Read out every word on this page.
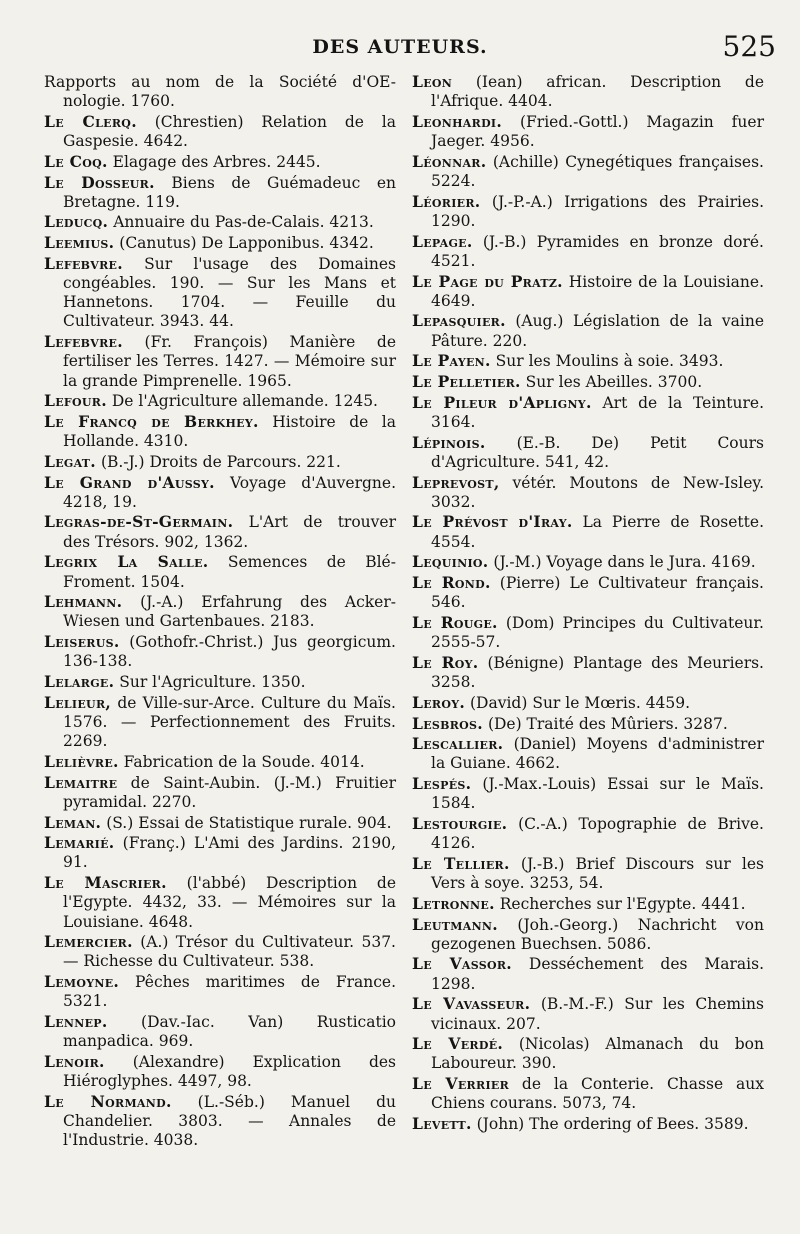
DES AUTEURS.	525
Rapports au nom de la Société d'OE-nologie. 1760.
Le Clerq. (Chrestien) Relation de la Gaspesie. 4642.
Le Coq. Elagage des Arbres. 2445.
Le Dosseur. Biens de Guémadeuc en Bretagne. 119.
Leducq. Annuaire du Pas-de-Calais. 4213.
Leemius. (Canutus) De Lapponibus. 4342.
Lefebvre. Sur l'usage des Domaines congéables. 190. — Sur les Mans et Hannetons. 1704. — Feuille du Cultivateur. 3943. 44.
Lefebvre. (Fr. François) Manière de fertiliser les Terres. 1427. — Mémoire sur la grande Pimprenelle. 1965.
Lefour. De l'Agriculture allemande. 1245.
Le Francq de Berkhey. Histoire de la Hollande. 4310.
Legat. (B.-J.) Droits de Parcours. 221.
Le Grand d'Aussy. Voyage d'Auvergne. 4218, 19.
Legras-de-St-Germain. L'Art de trouver des Trésors. 902, 1362.
Legrix La Salle. Semences de Blé-Froment. 1504.
Lehmann. (J.-A.) Erfahrung des Acker-Wiesen und Gartenbaues. 2183.
Leiserus. (Gothofr.-Christ.) Jus georgicum. 136-138.
Lelarge. Sur l'Agriculture. 1350.
Lelieur, de Ville-sur-Arce. Culture du Maïs. 1576. — Perfectionnement des Fruits. 2269.
Lelièvre. Fabrication de la Soude. 4014.
Lemaitre de Saint-Aubin. (J.-M.) Fruitier pyramidal. 2270.
Leman. (S.) Essai de Statistique rurale. 904.
Lemarié. (Franç.) L'Ami des Jardins. 2190, 91.
Le Mascrier. (l'abbé) Description de l'Egypte. 4432, 33. — Mémoires sur la Louisiane. 4648.
Lemercier. (A.) Trésor du Cultivateur. 537. — Richesse du Cultivateur. 538.
Lemoyne. Pêches maritimes de France. 5321.
Lennep. (Dav.-Iac. Van) Rusticatio manpadica. 969.
Lenoir. (Alexandre) Explication des Hiéroglyphes. 4497, 98.
Le Normand. (L.-Séb.) Manuel du Chandelier. 3803. — Annales de l'Industrie. 4038.
Leon (Iean) african. Description de l'Afrique. 4404.
Leonhardi. (Fried.-Gottl.) Magazin fuer Jaeger. 4956.
Léonnar. (Achille) Cynegétiques françaises. 5224.
Léorier. (J.-P.-A.) Irrigations des Prairies. 1290.
Lepage. (J.-B.) Pyramides en bronze doré. 4521.
Le Page du Pratz. Histoire de la Louisiane. 4649.
Lepasquier. (Aug.) Législation de la vaine Pâture. 220.
Le Payen. Sur les Moulins à soie. 3493.
Le Pelletier. Sur les Abeilles. 3700.
Le Pileur d'Apligny. Art de la Teinture. 3164.
Lépinois. (E.-B. De) Petit Cours d'Agriculture. 541, 42.
Leprevost, vétér. Moutons de New-Isley. 3032.
Le Prévost d'Iray. La Pierre de Rosette. 4554.
Lequinio. (J.-M.) Voyage dans le Jura. 4169.
Le Rond. (Pierre) Le Cultivateur français. 546.
Le Rouge. (Dom) Principes du Cultivateur. 2555-57.
Le Roy. (Bénigne) Plantage des Meuriers. 3258.
Leroy. (David) Sur le Mœris. 4459.
Lesbros. (De) Traité des Mûriers. 3287.
Lescallier. (Daniel) Moyens d'administrer la Guiane. 4662.
Lespés. (J.-Max.-Louis) Essai sur le Maïs. 1584.
Lestourgie. (C.-A.) Topographie de Brive. 4126.
Le Tellier. (J.-B.) Brief Discours sur les Vers à soye. 3253, 54.
Letronne. Recherches sur l'Egypte. 4441.
Leutmann. (Joh.-Georg.) Nachricht von gezogenen Buechsen. 5086.
Le Vassor. Desséchement des Marais. 1298.
Le Vavasseur. (B.-M.-F.) Sur les Chemins vicinaux. 207.
Le Verdé. (Nicolas) Almanach du bon Laboureur. 390.
Le Verrier de la Conterie. Chasse aux Chiens courans. 5073, 74.
Levett. (John) The ordering of Bees. 3589.
